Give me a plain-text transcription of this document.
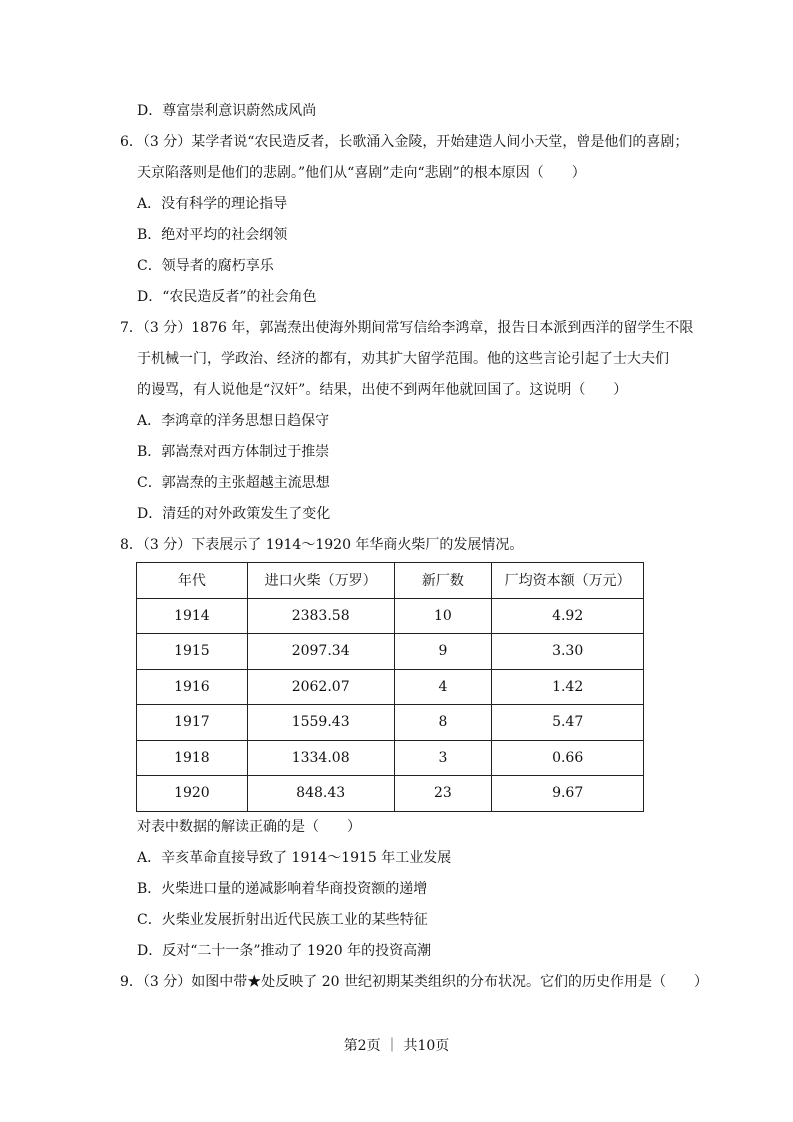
D．尊富崇利意识蔚然成风尚
6．（3 分）某学者说“农民造反者，长歌涌入金陵，开始建造人间小天堂，曾是他们的喜剧；
天京陷落则是他们的悲剧。”他们从“喜剧”走向“悲剧”的根本原因（　　）
A．没有科学的理论指导
B．绝对平均的社会纲领
C．领导者的腐朽享乐
D．“农民造反者”的社会角色
7．（3 分）1876 年，郭嵩焘出使海外期间常写信给李鸿章，报告日本派到西洋的留学生不限
于机械一门，学政治、经济的都有，劝其扩大留学范围。他的这些言论引起了士大夫们
的谩骂，有人说他是“汉奸”。结果，出使不到两年他就回国了。这说明（　　）
A．李鸿章的洋务思想日趋保守
B．郭嵩焘对西方体制过于推崇
C．郭嵩焘的主张超越主流思想
D．清廷的对外政策发生了变化
8．（3 分）下表展示了 1914～1920 年华商火柴厂的发展情况。
年代	进口火柴（万罗）	新厂数	厂均资本额（万元）
1914	2383.58	10	4.92
1915	2097.34	9	3.30
1916	2062.07	4	1.42
1917	1559.43	8	5.47
1918	1334.08	3	0.66
1920	848.43	23	9.67
对表中数据的解读正确的是（　　）
A．辛亥革命直接导致了 1914～1915 年工业发展
B．火柴进口量的递减影响着华商投资额的递增
C．火柴业发展折射出近代民族工业的某些特征
D．反对“二十一条”推动了 1920 年的投资高潮
9．（3 分）如图中带★处反映了 20 世纪初期某类组织的分布状况。它们的历史作用是（　　）
第2页 ｜ 共10页
